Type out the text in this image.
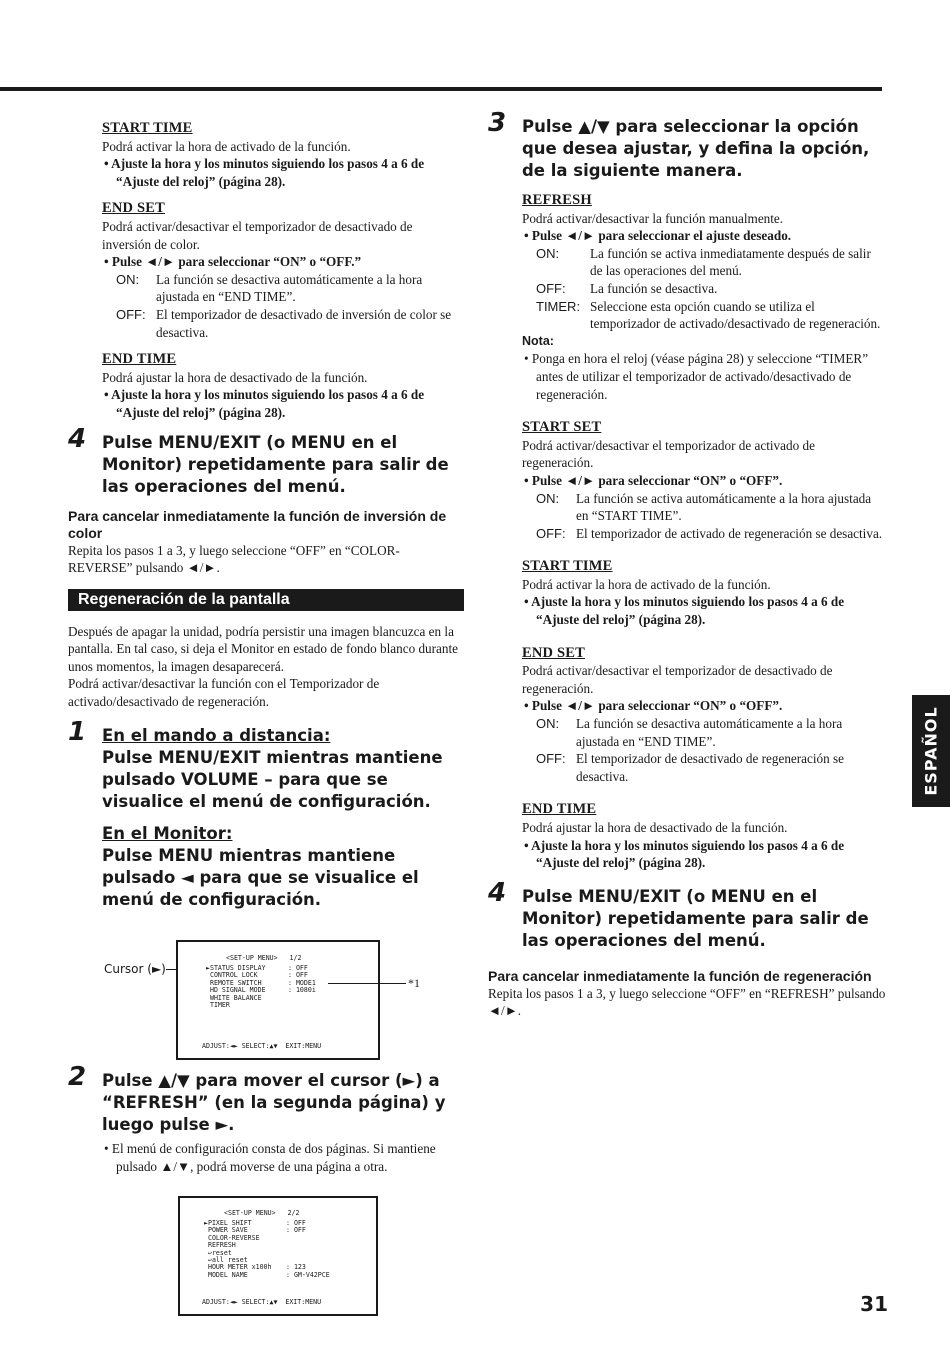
START TIME

Podrá activar la hora de activado de la función.

• Ajuste la hora y los minutos siguiendo los pasos 4 a 6 de “Ajuste del reloj” (página 28).

END SET

Podrá activar/desactivar el temporizador de desactivado de inversión de color.

• Pulse ◄/► para seleccionar “ON” o “OFF.”

ON:	La función se desactiva automáticamente a la hora ajustada en “END TIME”.
OFF: El temporizador de desactivado de inversión de color se desactiva.
END TIME

Podrá ajustar la hora de desactivado de la función.

• Ajuste la hora y los minutos siguiendo los pasos 4 a 6 de “Ajuste del reloj” (página 28).

4 Pulse MENU/EXIT (o MENU en el Monitor) repetidamente para salir de las operaciones del menú.
Para cancelar inmediatamente la función de inversión de color

Repita los pasos 1 a 3, y luego seleccione “OFF” en “COLOR-REVERSE” pulsando ◄/►.

Regeneración de la pantalla

Después de apagar la unidad, podría persistir una imagen blancuzca en la pantalla. En tal caso, si deja el Monitor en estado de fondo blanco durante unos momentos, la imagen desaparecerá.

Podrá activar/desactivar la función con el Temporizador de activado/desactivado de regeneración.

1 En el mando a distancia:
Pulse MENU/EXIT mientras mantiene pulsado VOLUME – para que se visualice el menú de configuración.
En el Monitor:
Pulse MENU mientras mantiene pulsado ◄ para que se visualice el menú de configuración.
Cursor (►)
<SET-UP MENU>   1/2
►STATUS DISPLAY	: OFF
CONTROL LOCK	: OFF
REMOTE SWITCH	: MODE1
HD SIGNAL MODE	: 1080i
WHITE BALANCE
TIMER
ADJUST:◄► SELECT:▲▼  EXIT:MENU
*1
2 Pulse ▲/▼ para mover el cursor (►) a “REFRESH” (en la segunda página) y luego pulse ►.

• El menú de configuración consta de dos páginas. Si mantiene pulsado ▲/▼, podrá moverse de una página a otra.

<SET-UP MENU>   2/2
►PIXEL SHIFT	: OFF
POWER SAVE	: OFF
COLOR-REVERSE
REFRESH
↩reset
↩all reset
HOUR METER x100h	: 123
MODEL NAME	: GM-V42PCE
ADJUST:◄► SELECT:▲▼  EXIT:MENU
3 Pulse ▲/▼ para seleccionar la opción que desea ajustar, y defina la opción, de la siguiente manera.
REFRESH

Podrá activar/desactivar la función manualmente.

• Pulse ◄/► para seleccionar el ajuste deseado.

ON:	La función se activa inmediatamente después de salir de las operaciones del menú.
OFF:	La función se desactiva.
TIMER: Seleccione esta opción cuando se utiliza el temporizador de activado/desactivado de regeneración.
Nota:

• Ponga en hora el reloj (véase página 28) y seleccione “TIMER” antes de utilizar el temporizador de activado/desactivado de regeneración.

START SET

Podrá activar/desactivar el temporizador de activado de regeneración.

• Pulse ◄/► para seleccionar “ON” o “OFF”.

ON:	La función se activa automáticamente a la hora ajustada en “START TIME”.
OFF: El temporizador de activado de regeneración se desactiva.
START TIME

Podrá activar la hora de activado de la función.

• Ajuste la hora y los minutos siguiendo los pasos 4 a 6 de “Ajuste del reloj” (página 28).

END SET

Podrá activar/desactivar el temporizador de desactivado de regeneración.

• Pulse ◄/► para seleccionar “ON” o “OFF”.

ON:	La función se desactiva automáticamente a la hora ajustada en “END TIME”.
OFF: El temporizador de desactivado de regeneración se desactiva.
END TIME

Podrá ajustar la hora de desactivado de la función.

• Ajuste la hora y los minutos siguiendo los pasos 4 a 6 de “Ajuste del reloj” (página 28).

4 Pulse MENU/EXIT (o MENU en el Monitor) repetidamente para salir de las operaciones del menú.
Para cancelar inmediatamente la función de regeneración

Repita los pasos 1 a 3, y luego seleccione “OFF” en “REFRESH” pulsando ◄/►.

ESPAÑOL
31
